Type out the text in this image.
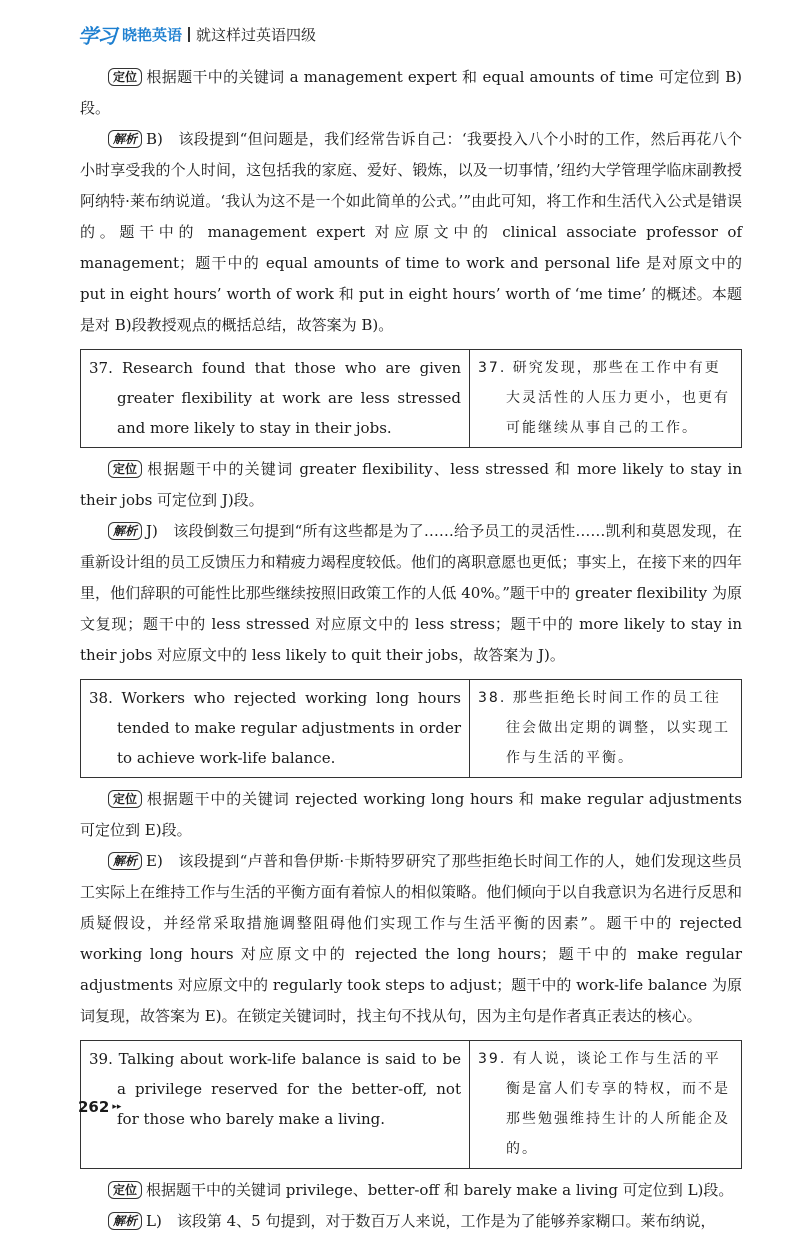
学习 晓艳英语 就这样过英语四级

定位 根据题干中的关键词 a management expert 和 equal amounts of time 可定位到 B)段。

解析 B)　该段提到“但问题是，我们经常告诉自己：‘我要投入八个小时的工作，然后再花八个小时享受我的个人时间，这包括我的家庭、爱好、锻炼，以及一切事情，’纽约大学管理学临床副教授阿纳特·莱布纳说道。‘我认为这不是一个如此简单的公式。’”由此可知，将工作和生活代入公式是错误的。题干中的 management expert 对应原文中的 clinical associate professor of management；题干中的 equal amounts of time to work and personal life 是对原文中的 put in eight hours’ worth of work 和 put in eight hours’ worth of ‘me time’ 的概述。本题是对 B)段教授观点的概括总结，故答案为 B)。

37. Research found that those who are given greater flexibility at work are less stressed and more likely to stay in their jobs.

37. 研究发现，那些在工作中有更大灵活性的人压力更小，也更有可能继续从事自己的工作。

定位 根据题干中的关键词 greater flexibility、less stressed 和 more likely to stay in their jobs 可定位到 J)段。

解析 J)　该段倒数三句提到“所有这些都是为了……给予员工的灵活性……凯利和莫恩发现，在重新设计组的员工反馈压力和精疲力竭程度较低。他们的离职意愿也更低；事实上，在接下来的四年里，他们辞职的可能性比那些继续按照旧政策工作的人低 40%。”题干中的 greater flexibility 为原文复现；题干中的 less stressed 对应原文中的 less stress；题干中的 more likely to stay in their jobs 对应原文中的 less likely to quit their jobs，故答案为 J)。

38. Workers who rejected working long hours tended to make regular adjustments in order to achieve work-life balance.

38. 那些拒绝长时间工作的员工往往会做出定期的调整，以实现工作与生活的平衡。

定位 根据题干中的关键词 rejected working long hours 和 make regular adjustments 可定位到 E)段。

解析 E)　该段提到“卢普和鲁伊斯·卡斯特罗研究了那些拒绝长时间工作的人，她们发现这些员工实际上在维持工作与生活的平衡方面有着惊人的相似策略。他们倾向于以自我意识为名进行反思和质疑假设，并经常采取措施调整阻碍他们实现工作与生活平衡的因素”。题干中的 rejected working long hours 对应原文中的 rejected the long hours；题干中的 make regular adjustments 对应原文中的 regularly took steps to adjust；题干中的 work-life balance 为原词复现，故答案为 E)。在锁定关键词时，找主句不找从句，因为主句是作者真正表达的核心。

39. Talking about work-life balance is said to be a privilege reserved for the better-off, not for those who barely make a living.

39. 有人说，谈论工作与生活的平衡是富人们专享的特权，而不是那些勉强维持生计的人所能企及的。

定位 根据题干中的关键词 privilege、better-off 和 barely make a living 可定位到 L)段。

解析 L)　该段第 4、5 句提到，对于数百万人来说，工作是为了能够养家糊口。莱布纳说，

262 ▸▸
